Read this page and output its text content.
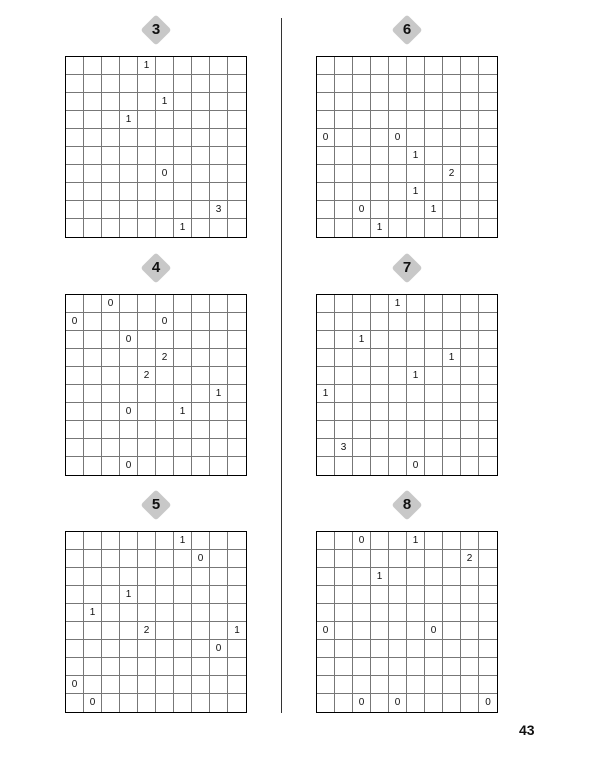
3
1
1
1
0
3
1
6
0	0
1
2
1
0	1
1
4
0
0	0
0
2
2
1
0	1
0
7
1
1
1
1
1
3
0
5
1
0
1
1
2	1
0
0
0
8
0	1
2
1
0	0
0	0	0
43
